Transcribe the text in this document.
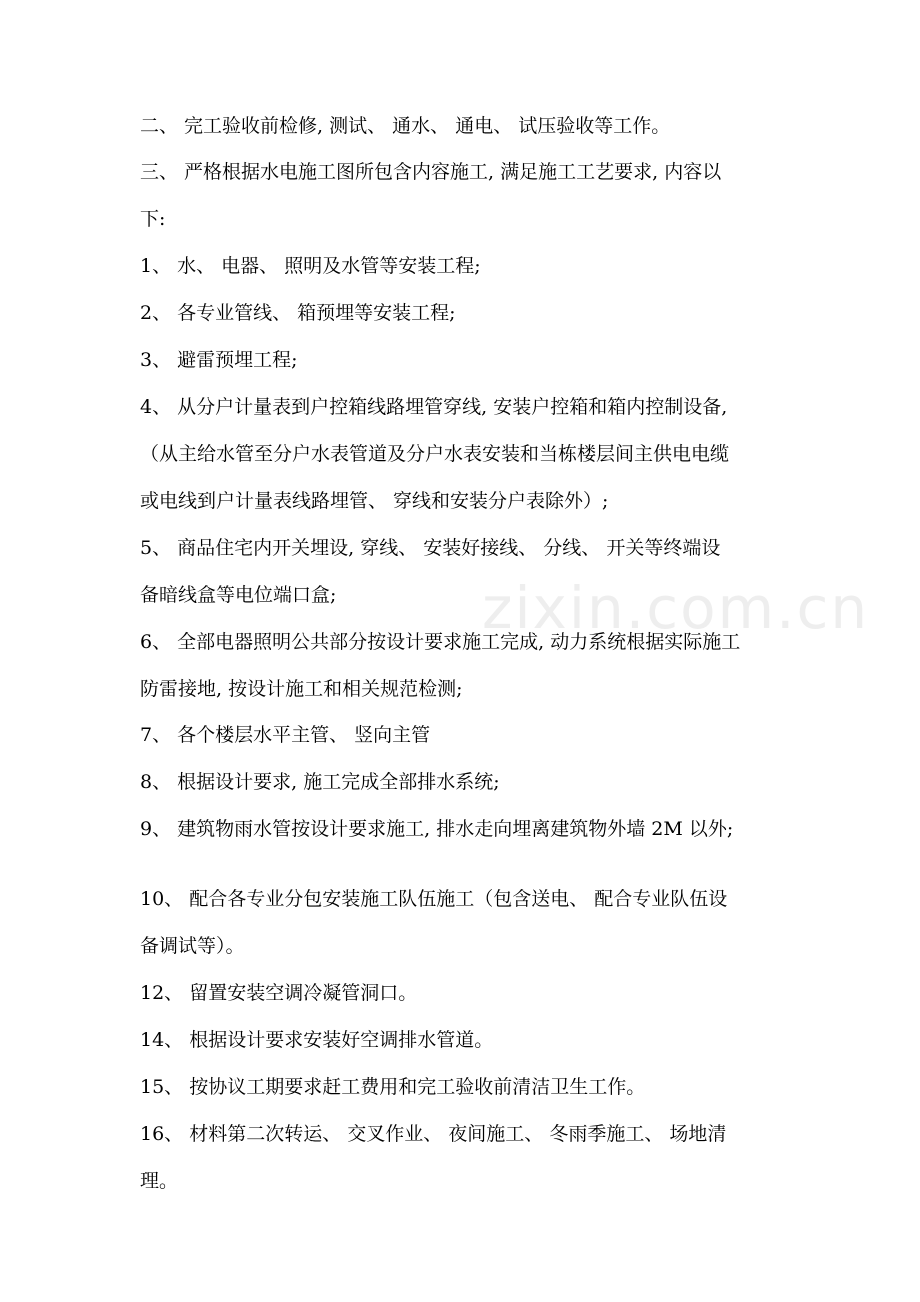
zixin.com.cn
二、 完工验收前检修, 测试、 通水、 通电、 试压验收等工作。
三、 严格根据水电施工图所包含内容施工, 满足施工工艺要求, 内容以
下:
1、 水、 电器、 照明及水管等安装工程;
2、 各专业管线、 箱预埋等安装工程;
3、 避雷预埋工程;
4、 从分户计量表到户控箱线路埋管穿线, 安装户控箱和箱内控制设备,
（从主给水管至分户水表管道及分户水表安装和当栋楼层间主供电电缆
或电线到户计量表线路埋管、 穿线和安装分户表除外）;
5、 商品住宅内开关埋设, 穿线、 安装好接线、 分线、 开关等终端设
备暗线盒等电位端口盒;
6、 全部电器照明公共部分按设计要求施工完成, 动力系统根据实际施工
防雷接地, 按设计施工和相关规范检测;
7、 各个楼层水平主管、 竖向主管
8、 根据设计要求, 施工完成全部排水系统;
9、 建筑物雨水管按设计要求施工, 排水走向埋离建筑物外墙 2M 以外;
10、 配合各专业分包安装施工队伍施工（包含送电、 配合专业队伍设
备调试等）。
12、 留置安装空调冷凝管洞口。
14、 根据设计要求安装好空调排水管道。
15、 按协议工期要求赶工费用和完工验收前清洁卫生工作。
16、 材料第二次转运、 交叉作业、 夜间施工、 冬雨季施工、 场地清
理。
